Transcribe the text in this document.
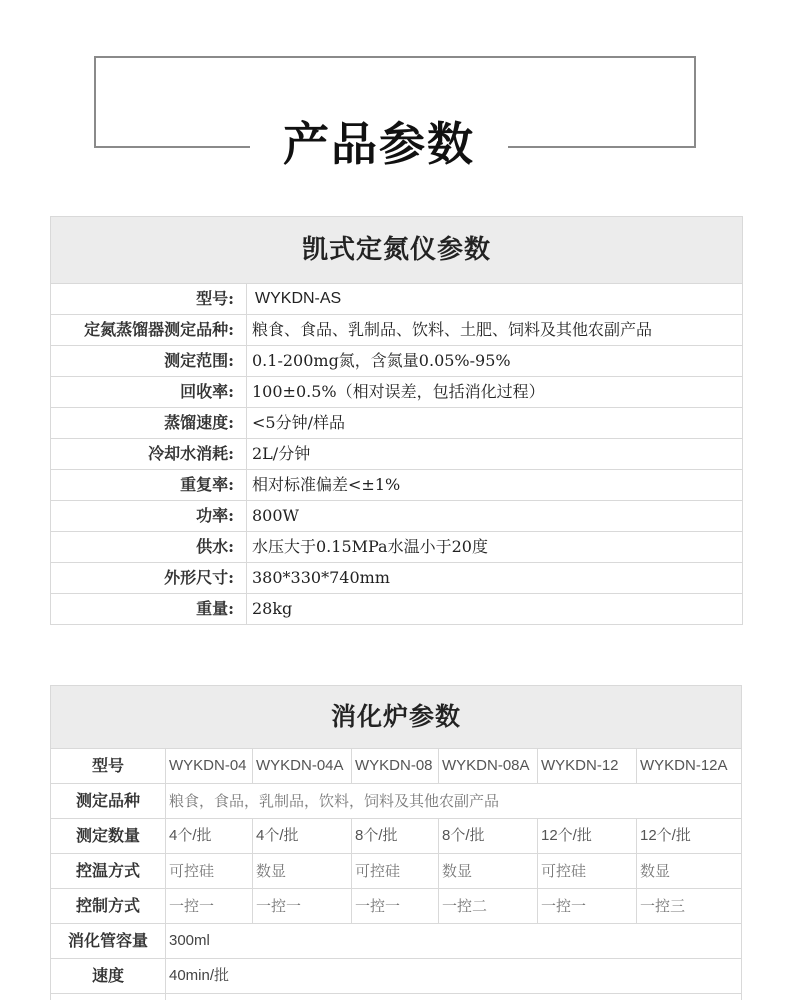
产品参数
凯式定氮仪参数
型号:	WYKDN-AS
定氮蒸馏器测定品种:	粮食、食品、乳制品、饮料、土肥、饲料及其他农副产品
测定范围:	0.1-200mg氮，含氮量0.05%-95%
回收率:	100±0.5%（相对误差，包括消化过程）
蒸馏速度:	<5分钟/样品
冷却水消耗:	2L/分钟
重复率:	相对标准偏差<±1%
功率:	800W
供水:	水压大于0.15MPa水温小于20度
外形尺寸:	380*330*740mm
重量:	28kg
消化炉参数
型号	WYKDN-04 WYKDN-04A WYKDN-08 WYKDN-08A WYKDN-12	WYKDN-12A
测定品种	粮食，食品，乳制品，饮料，饲料及其他农副产品
测定数量	4个/批	4个/批	8个/批	8个/批	12个/批	12个/批
控温方式	可控硅	数显	可控硅	数显	可控硅	数显
控制方式	一控一	一控一	一控一	一控二	一控一	一控三
消化管容量	300ml
速度	40min/批
